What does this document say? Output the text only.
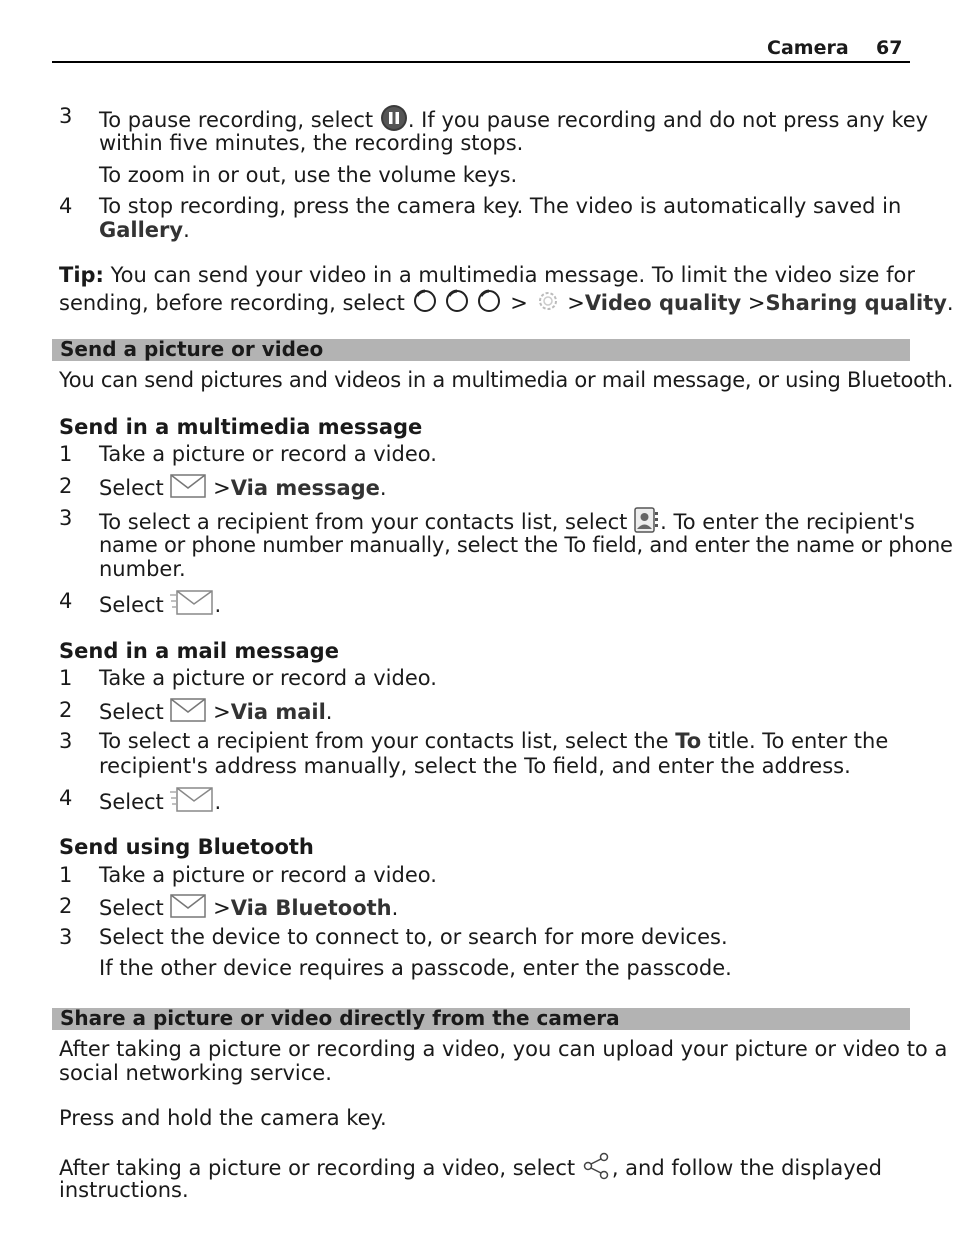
Camera 67
3 To pause recording, select . If you pause recording and do not press any key
within five minutes, the recording stops.
To zoom in or out, use the volume keys.
4 To stop recording, press the camera key. The video is automatically saved in
Gallery.
Tip: You can send your video in a multimedia message. To limit the video size for
sending, before recording, select	> >Video quality >Sharing quality.
Send a picture or video
You can send pictures and videos in a multimedia or mail message, or using Bluetooth.
Send in a multimedia message
1 Take a picture or record a video.
2 Select >Via message.
3 To select a recipient from your contacts list, select . To enter the recipient's
name or phone number manually, select the To field, and enter the name or phone
number.
4 Select .
Send in a mail message
1 Take a picture or record a video.
2 Select >Via mail.
3 To select a recipient from your contacts list, select the To title. To enter the
recipient's address manually, select the To field, and enter the address.
4 Select .
Send using Bluetooth
1 Take a picture or record a video.
2 Select >Via Bluetooth.
3 Select the device to connect to, or search for more devices.
If the other device requires a passcode, enter the passcode.
Share a picture or video directly from the camera
After taking a picture or recording a video, you can upload your picture or video to a
social networking service.
Press and hold the camera key.
After taking a picture or recording a video, select , and follow the displayed
instructions.
